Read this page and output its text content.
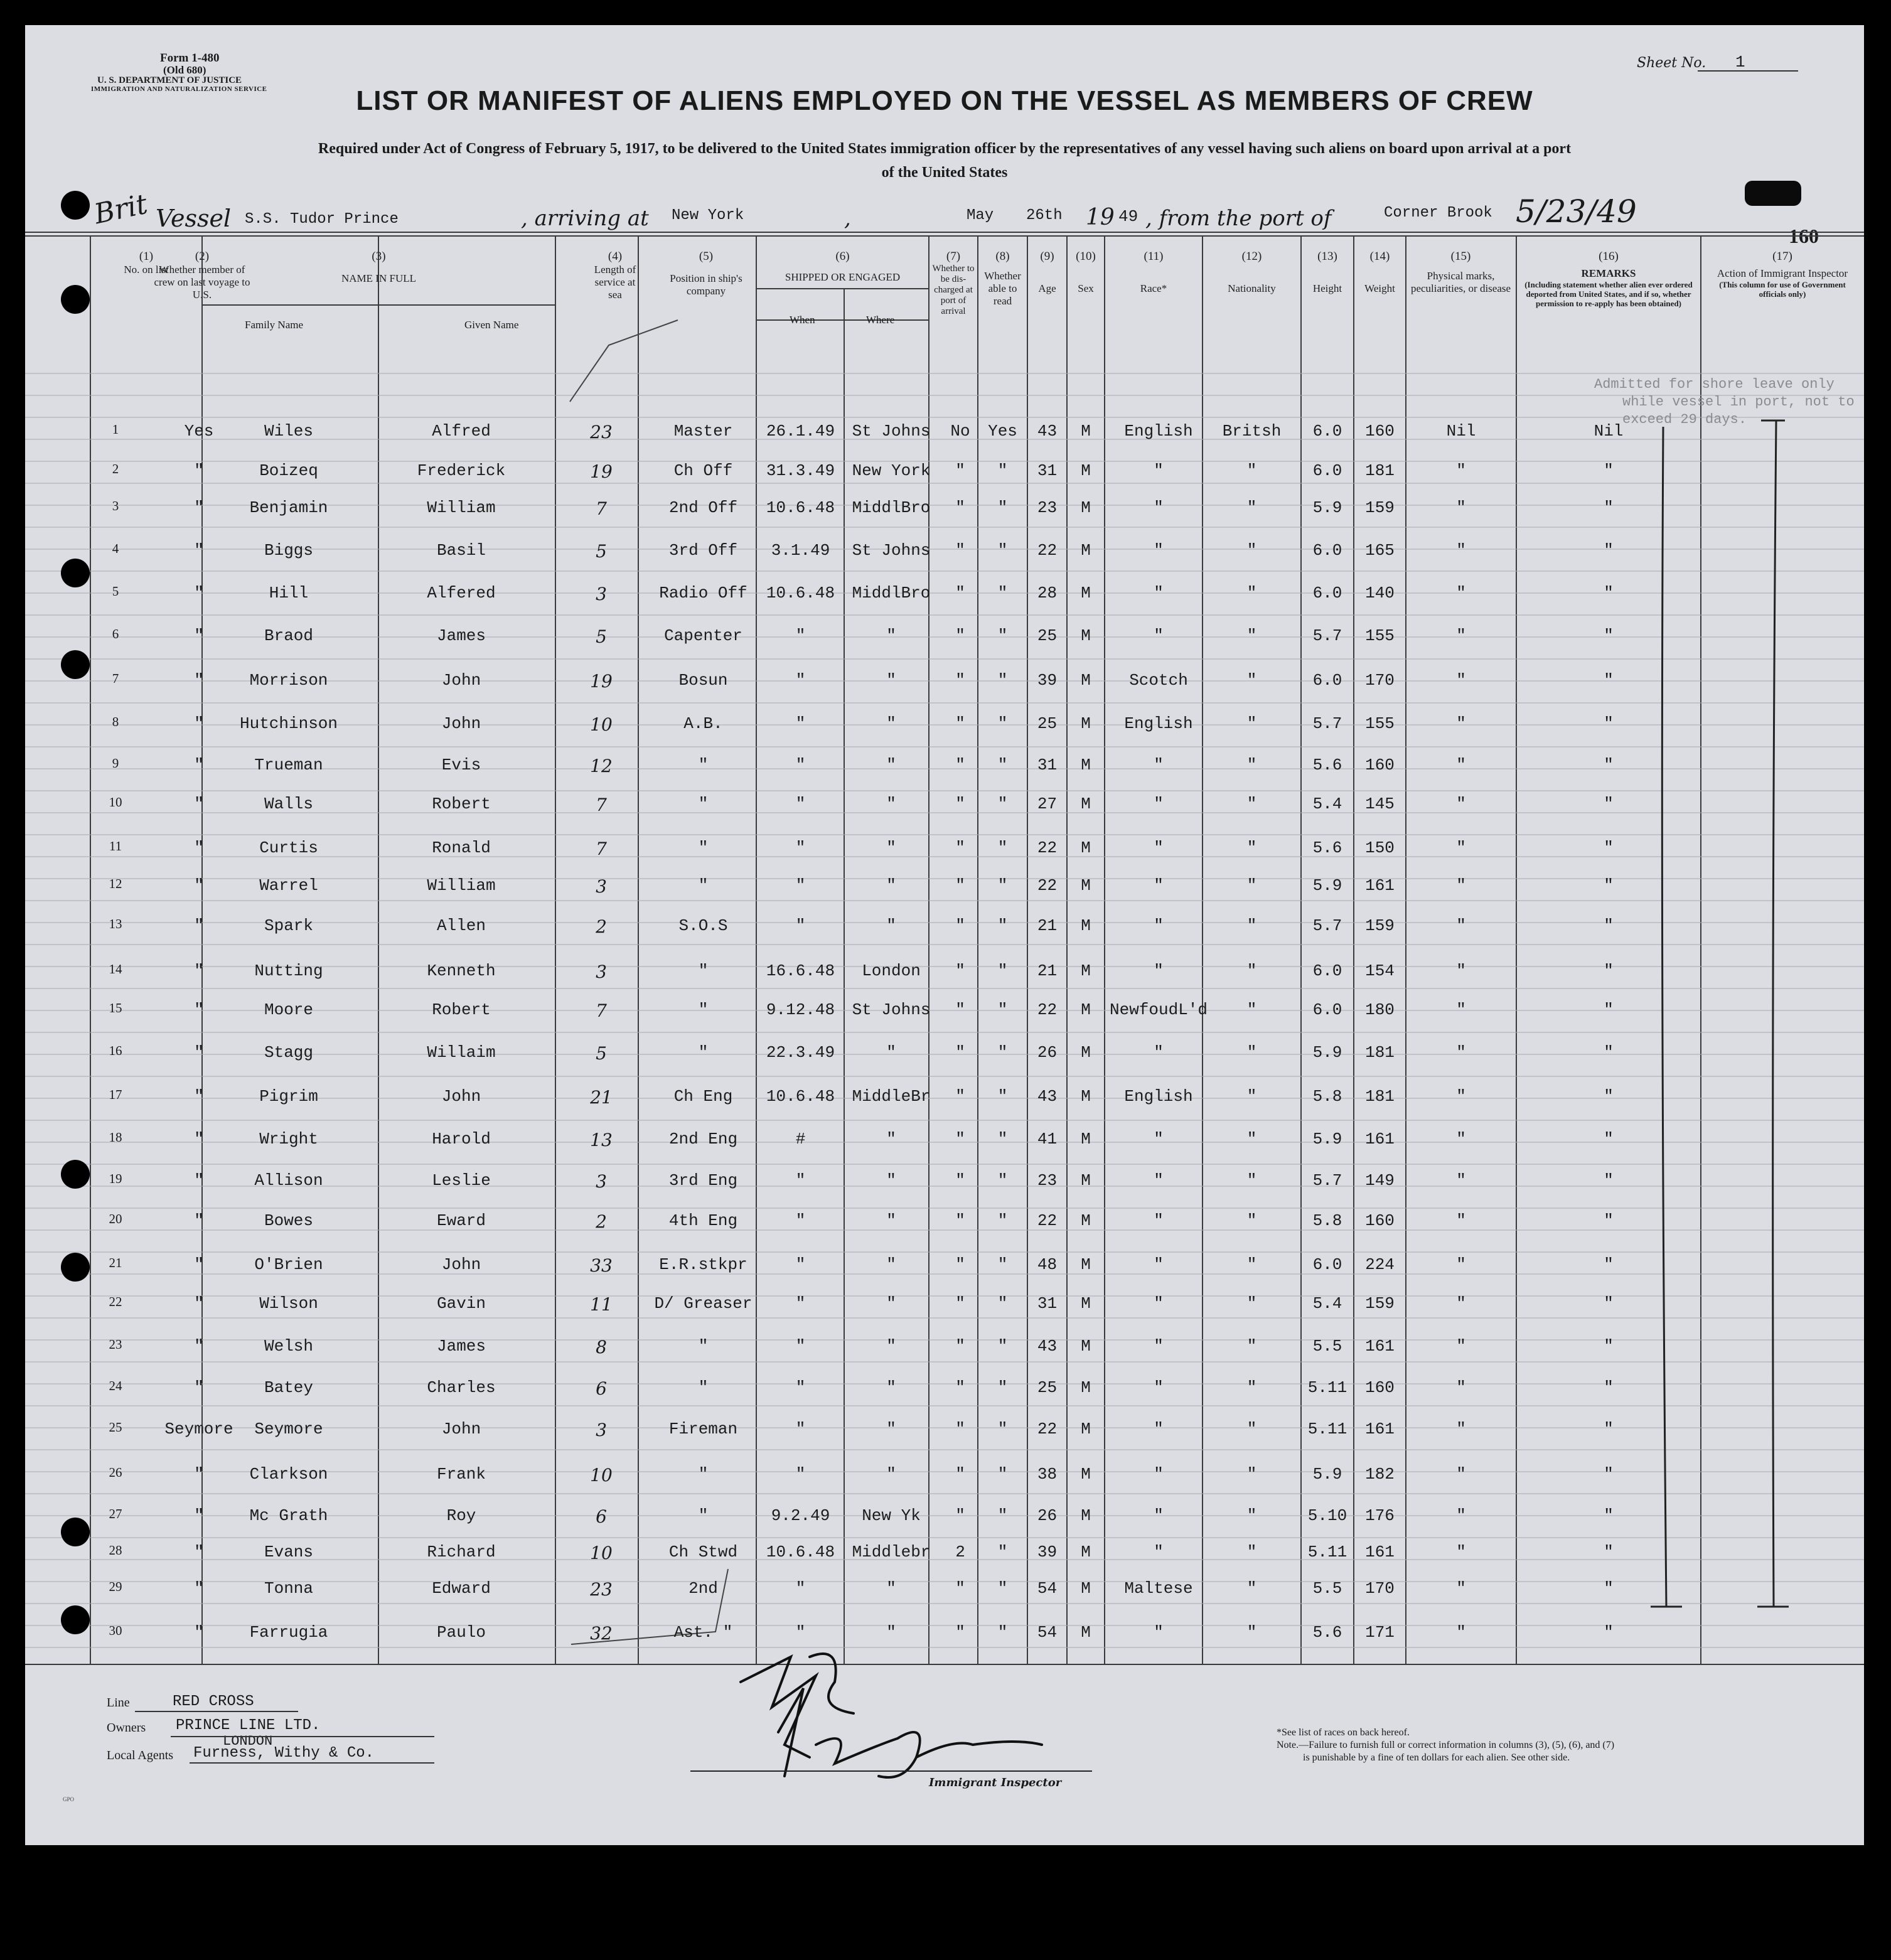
Form 1-480
(Old 680)
U. S. DEPARTMENT OF JUSTICE
IMMIGRATION AND NATURALIZATION SERVICE
Sheet No. 1
LIST OR MANIFEST OF ALIENS EMPLOYED ON THE VESSEL AS MEMBERS OF CREW
Required under Act of Congress of February 5, 1917, to be delivered to the United States immigration officer by the representatives of any vessel having such aliens on board upon arrival at a port
of the United States
Brit Vessel S.S. Tudor Prince	, arriving at New York	,	May 26th 19 49 , from the port of	Corner Brook 5/23/49
160
(1)
No. on list
(2)
Whether member of crew on last voyage to U.S.
(3)
NAME IN FULL
Family Name	Given Name
(4)
Length of service at sea
(5)
Position in ship's company
(6)
SHIPPED OR ENGAGED
When	Where
(7)
Whether to be dis-charged at port of arrival
(8)
Whether able to read
(9)
Age
(10)
Sex
(11)
Race*
(12)
Nationality
(13)
Height
(14)
Weight
(15)
Physical marks, peculiarities, or disease
(16)
REMARKS
(Including statement whether alien ever ordered deported from United States, and if so, whether permission to re-apply has been obtained)
(17)
Action of Immigrant Inspector
(This column for use of Government officials only)
Admitted for shore leave only
while vessel in port, not to
exceed 29 days.
1	Yes	Wiles	Alfred	23	Master	26.1.49	St Johns	No	Yes	43	M	English	Britsh	6.0	160	Nil	Nil
2	"	Boizeq	Frederick	19	Ch Off	31.3.49	New York	"	"	31	M	"	"	6.0	181	"	"
3	"	Benjamin	William	7	2nd Off	10.6.48	MiddlBro	"	"	23	M	"	"	5.9	159	"	"
4	"	Biggs	Basil	5	3rd Off	3.1.49	St Johns	"	"	22	M	"	"	6.0	165	"	"
5	"	Hill	Alfered	3	Radio Off	10.6.48	MiddlBro	"	"	28	M	"	"	6.0	140	"	"
6	"	Braod	James	5	Capenter	"	"	"	"	25	M	"	"	5.7	155	"	"
7	"	Morrison	John	19	Bosun	"	"	"	"	39	M	Scotch	"	6.0	170	"	"
8	"	Hutchinson	John	10	A.B.	"	"	"	"	25	M	English	"	5.7	155	"	"
9	"	Trueman	Evis	12	"	"	"	"	"	31	M	"	"	5.6	160	"	"
10	"	Walls	Robert	7	"	"	"	"	"	27	M	"	"	5.4	145	"	"
11	"	Curtis	Ronald	7	"	"	"	"	"	22	M	"	"	5.6	150	"	"
12	"	Warrel	William	3	"	"	"	"	"	22	M	"	"	5.9	161	"	"
13	"	Spark	Allen	2	S.O.S	"	"	"	"	21	M	"	"	5.7	159	"	"
14	"	Nutting	Kenneth	3	"	16.6.48	London	"	"	21	M	"	"	6.0	154	"	"
15	"	Moore	Robert	7	"	9.12.48	St Johns	"	"	22	M	NewfoudL'd	"	6.0	180	"	"
16	"	Stagg	Willaim	5	"	22.3.49	"	"	"	26	M	"	"	5.9	181	"	"
17	"	Pigrim	John	21	Ch Eng	10.6.48	MiddleBr	"	"	43	M	English	"	5.8	181	"	"
18	"	Wright	Harold	13	2nd Eng	#	"	"	"	41	M	"	"	5.9	161	"	"
19	"	Allison	Leslie	3	3rd Eng	"	"	"	"	23	M	"	"	5.7	149	"	"
20	"	Bowes	Eward	2	4th Eng	"	"	"	"	22	M	"	"	5.8	160	"	"
21	"	O'Brien	John	33	E.R.stkpr	"	"	"	"	48	M	"	"	6.0	224	"	"
22	"	Wilson	Gavin	11	D/ Greaser	"	"	"	"	31	M	"	"	5.4	159	"	"
23	"	Welsh	James	8	"	"	"	"	"	43	M	"	"	5.5	161	"	"
24	"	Batey	Charles	6	"	"	"	"	"	25	M	"	"	5.11	160	"	"
25	Seymore	Seymore	John	3	Fireman	"	"	"	"	22	M	"	"	5.11	161	"	"
26	"	Clarkson	Frank	10	"	"	"	"	"	38	M	"	"	5.9	182	"	"
27	"	Mc Grath	Roy	6	"	9.2.49	New Yk	"	"	26	M	"	"	5.10	176	"	"
28	"	Evans	Richard	10	Ch Stwd	10.6.48	Middlebr	2	"	39	M	"	"	5.11	161	"	"
29	"	Tonna	Edward	23	2nd	"	"	"	"	54	M	Maltese	"	5.5	170	"	"
30	"	Farrugia	Paulo	32	Ast. "	"	"	"	"	54	M	"	"	5.6	171	"	"
Immigrant Inspector
Line	RED CROSS
Owners PRINCE LINE LTD.
LONDON
Local Agents Furness, Withy & Co.
*See list of races on back hereof.
Note.—Failure to furnish full or correct information in columns (3), (5), (6), and (7)
is punishable by a fine of ten dollars for each alien. See other side.
GPO
